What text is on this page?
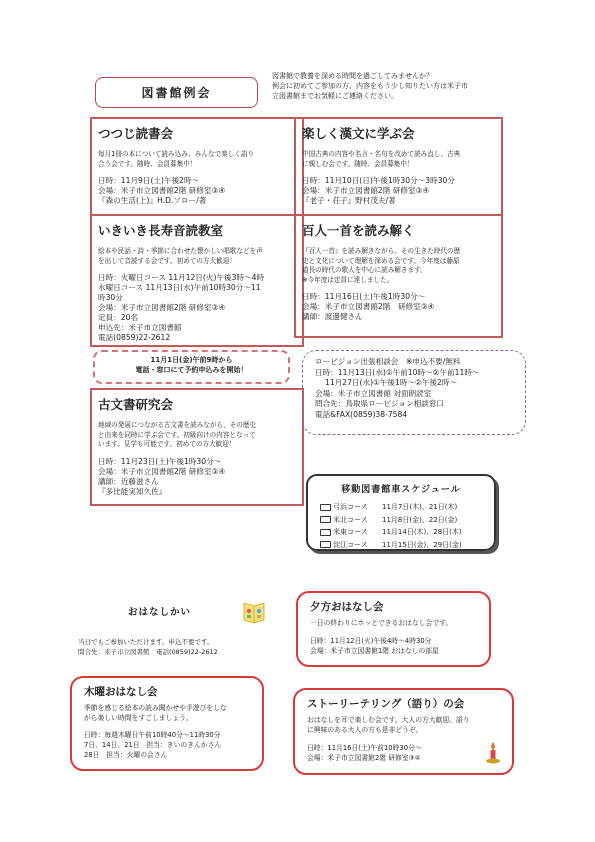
図書館例会
図書館で教養を深める時間を過ごしてみませんか？
例会に初めてご参加の方、内容をもう少し知りたい方は米子市
立図書館までお気軽にご連絡ください。
つつじ読書会
毎月1冊の本について読み込み、みんなで楽しく語り
合う会です。随時、会員募集中！
日時：11月9日(土)午後2時～
会場：米子市立図書館2階 研修室③④
『森の生活(上)』H.D.ソロー/著
いきいき長寿音読教室
絵本や民話・詩・季節に合わせた懐かしい唱歌などを声
を出して音読する会です。初めての方大歓迎！
日時：火曜日コース 11月12日(火)午後3時～4時
水曜日コース 11月13日(水)午前10時30分～11
時30分
会場：米子市立図書館2階 研修室③④
定員：20名
申込先：米子市立図書館
電話(0859)22-2612
11月1日(金)午前9時から
電話・窓口にて予約申込みを開始！
古文書研究会
地域の発展につながる古文書を読みながら、その歴史
と由来を同時に学ぶ会です。初級向けの内容となって
います。見学も可能です。初めての方大歓迎！
日時：11月23日(土)午後1時30分～
会場：米子市立図書館2階 研修室③④
講師：近藤滋さん
『多比能実知久佐』
楽しく漢文に学ぶ会
中国古典の内容や名言・名句を改めて読み直し、古典
に親しむ会です。随時、会員募集中！
日時：11月10日(日)午後1時30分～3時30分
会場：米子市立図書館2階 研修室③④
『老子・荘子』野村茂夫/著
百人一首を読み解く
『百人一首』を読み解きながら、その生きた時代の歴
史と文化について理解を深める会です。今年度は藤原
道長の時代の歌人を中心に読み解きます。
※今年度は定員に達しました。
日時：11月16日(土)午後1時30分～
会場：米子市立図書館2階　研修室③④
講師：渡邊健さん
ロービジョン出張相談会　※申込不要/無料
日時：11月13日(水)①午前10時～②午前11時～
11月27日(水)①午後1時～②午後2時～
会場：米子市立図書館 対面朗読室
問合先：鳥取県ロービジョン相談窓口
電話&FAX(0859)38-7584
移動図書館車スケジュール
弓浜コース	11月7日(木)、21日(木)
米北コース	11月8日(金)、22日(金)
米東コース	11月14日(木)、28日(木)
淀江コース	11月15日(金)、29日(金)
おはなしかい
当日でもご参加いただけます。申込不要です。
問合先：米子市立図書館　電話(0859)22-2612
夕方おはなし会
一日の終わりにホッとできるおはなし会です。
日時：11月12日(火)午後4時～4時30分
会場：米子市立図書館1階 おはなしの部屋
木曜おはなし会
季節を感じる絵本の読み聞かせや手遊びをしな
がら楽しい時間をすごしましょう。
日時：毎週木曜日午前10時40分～11時30分
7日、14日、21日　担当：きいのきんかさん
28日　担当：火曜の会さん
ストーリーテリング（語り）の会
おはなしを耳で楽しむ会です。大人の方大歓迎。語り
に興味のある大人の方も是非どうぞ。
日時：11月16日(土)午前10時30分～
会場：米子市立図書館2階 研修室③④
